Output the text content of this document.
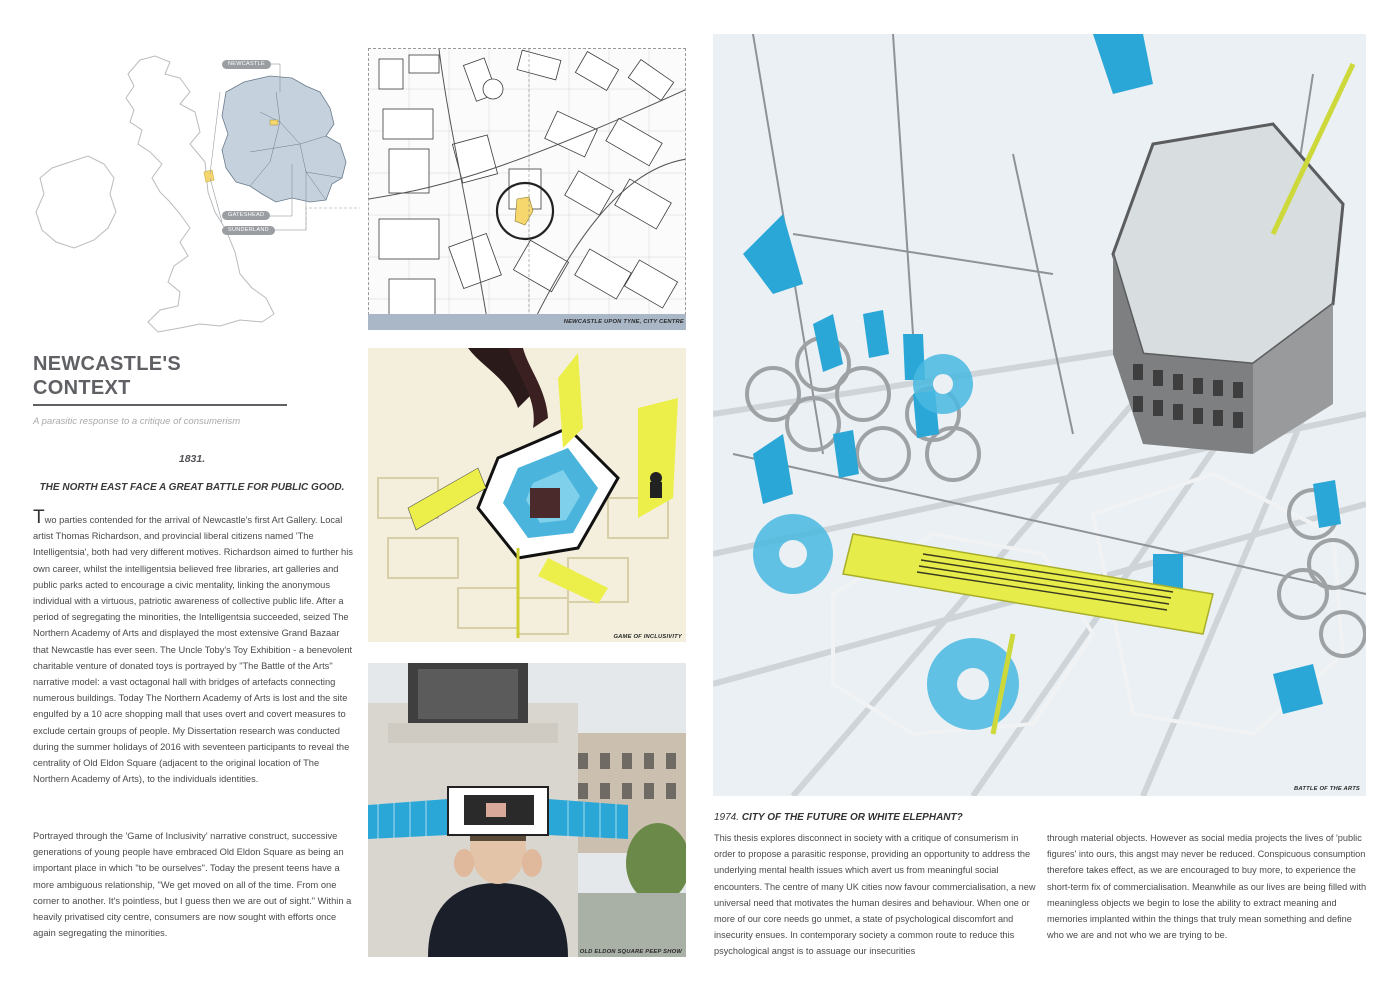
NEWCASTLE
GATESHEAD
SUNDERLAND
NEWCASTLE'S
CONTEXT
A parasitic response to a critique of consumerism
1831.
THE NORTH EAST FACE A GREAT BATTLE FOR PUBLIC GOOD.

Two parties contended for the arrival of Newcastle's first Art Gallery. Local artist Thomas Richardson, and provincial liberal citizens named 'The Intelligentsia', both had very different motives. Richardson aimed to further his own career, whilst the intelligentsia believed free libraries, art galleries and public parks acted to encourage a civic mentality, linking the anonymous individual with a virtuous, patriotic awareness of collective public life. After a period of segregating the minorities, the Intelligentsia succeeded, seized The Northern Academy of Arts and displayed the most extensive Grand Bazaar that Newcastle has ever seen. The Uncle Toby's Toy Exhibition - a benevolent charitable venture of donated toys is portrayed by "The Battle of the Arts" narrative model: a vast octagonal hall with bridges of artefacts connecting numerous buildings. Today The Northern Academy of Arts is lost and the site engulfed by a 10 acre shopping mall that uses overt and covert measures to exclude certain groups of people. My Dissertation research was conducted during the summer holidays of 2016 with seventeen participants to reveal the centrality of Old Eldon Square (adjacent to the original location of The Northern Academy of Arts), to the individuals identities.

Portrayed through the 'Game of Inclusivity' narrative construct, successive generations of young people have embraced Old Eldon Square as being an important place in which "to be ourselves". Today the present teens have a more ambiguous relationship, "We get moved on all of the time. From one corner to another. It's pointless, but I guess then we are out of sight." Within a heavily privatised city centre, consumers are now sought with efforts once again segregating the minorities.

NEWCASTLE UPON TYNE, CITY CENTRE
GAME OF INCLUSIVITY
OLD ELDON SQUARE PEEP SHOW
BATTLE OF THE ARTS
1974. CITY OF THE FUTURE OR WHITE ELEPHANT?

This thesis explores disconnect in society with a critique of consumerism in order to propose a parasitic response, providing an opportunity to address the underlying mental health issues which avert us from meaningful social encounters. The centre of many UK cities now favour commercialisation, a new universal need that motivates the human desires and behaviour. When one or more of our core needs go unmet, a state of psychological discomfort and insecurity ensues. In contemporary society a common route to reduce this psychological angst is to assuage our insecurities

through material objects. However as social media projects the lives of 'public figures' into ours, this angst may never be reduced. Conspicuous consumption therefore takes effect, as we are encouraged to buy more, to experience the short-term fix of commercialisation. Meanwhile as our lives are being filled with meaningless objects we begin to lose the ability to extract meaning and memories implanted within the things that truly mean something and define who we are and not who we are trying to be.
